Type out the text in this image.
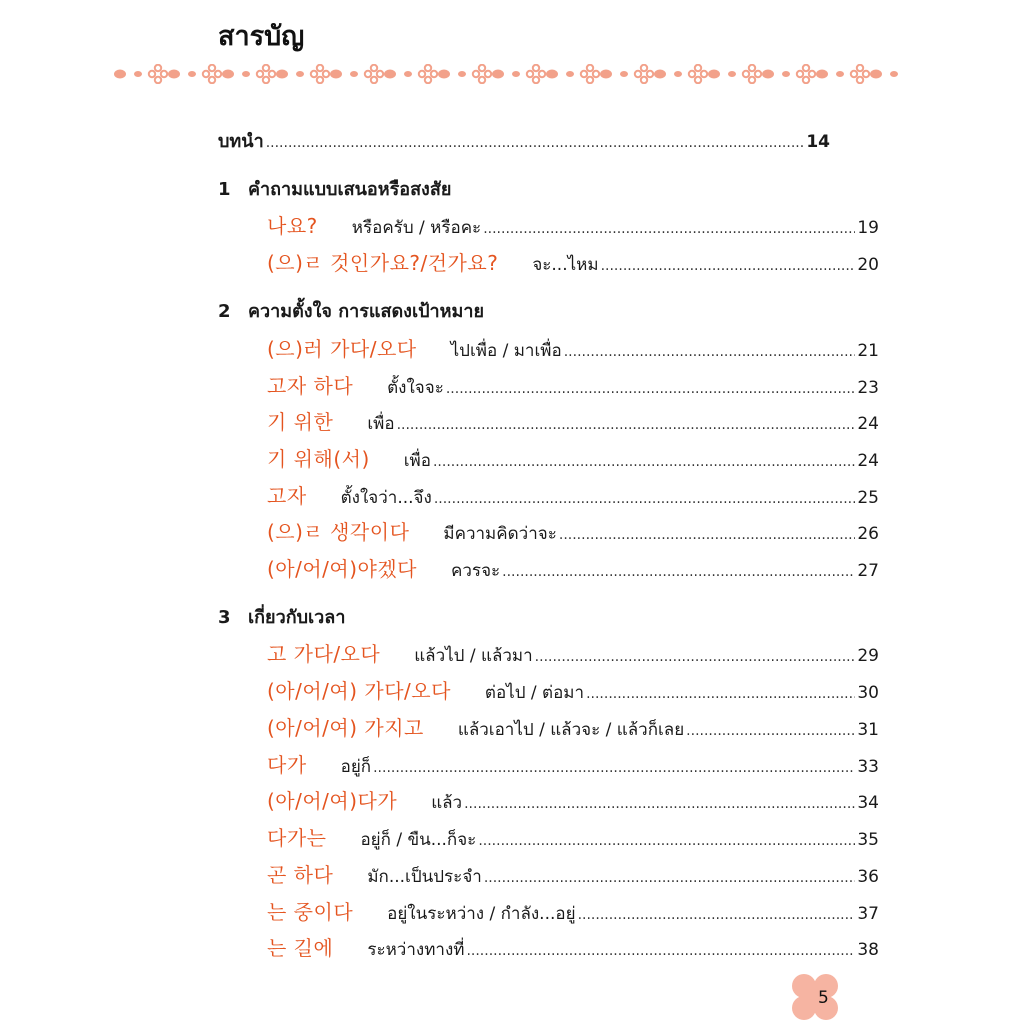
สารบัญ
บทนำ .....	14
1 คำถามแบบเสนอหรือสงสัย
나요? หรือครับ / หรือคะ .....	19
(으)ㄹ 것인가요?/건가요? จะ...ไหม .....	20
2 ความตั้งใจ การแสดงเป้าหมาย
(으)러 가다/오다 ไปเพื่อ / มาเพื่อ .....	21
고자 하다 ตั้งใจจะ .....	23
기 위한 เพื่อ .....	24
기 위해(서) เพื่อ .....	24
고자 ตั้งใจว่า...จึง .....	25
(으)ㄹ 생각이다 มีความคิดว่าจะ .....	26
(아/어/여)야겠다 ควรจะ .....	27
3 เกี่ยวกับเวลา
고 가다/오다 แล้วไป / แล้วมา .....	29
(아/어/여) 가다/오다 ต่อไป / ต่อมา .....	30
(아/어/여) 가지고 แล้วเอาไป / แล้วจะ / แล้วก็เลย .....	31
다가 อยู่ก็ .....	33
(아/어/여)다가 แล้ว .....	34
다가는 อยู่ก็ / ขืน...ก็จะ .....	35
곤 하다 มัก...เป็นประจำ .....	36
는 중이다 อยู่ในระหว่าง / กำลัง...อยู่ .....	37
는 길에 ระหว่างทางที่ .....	38
5
